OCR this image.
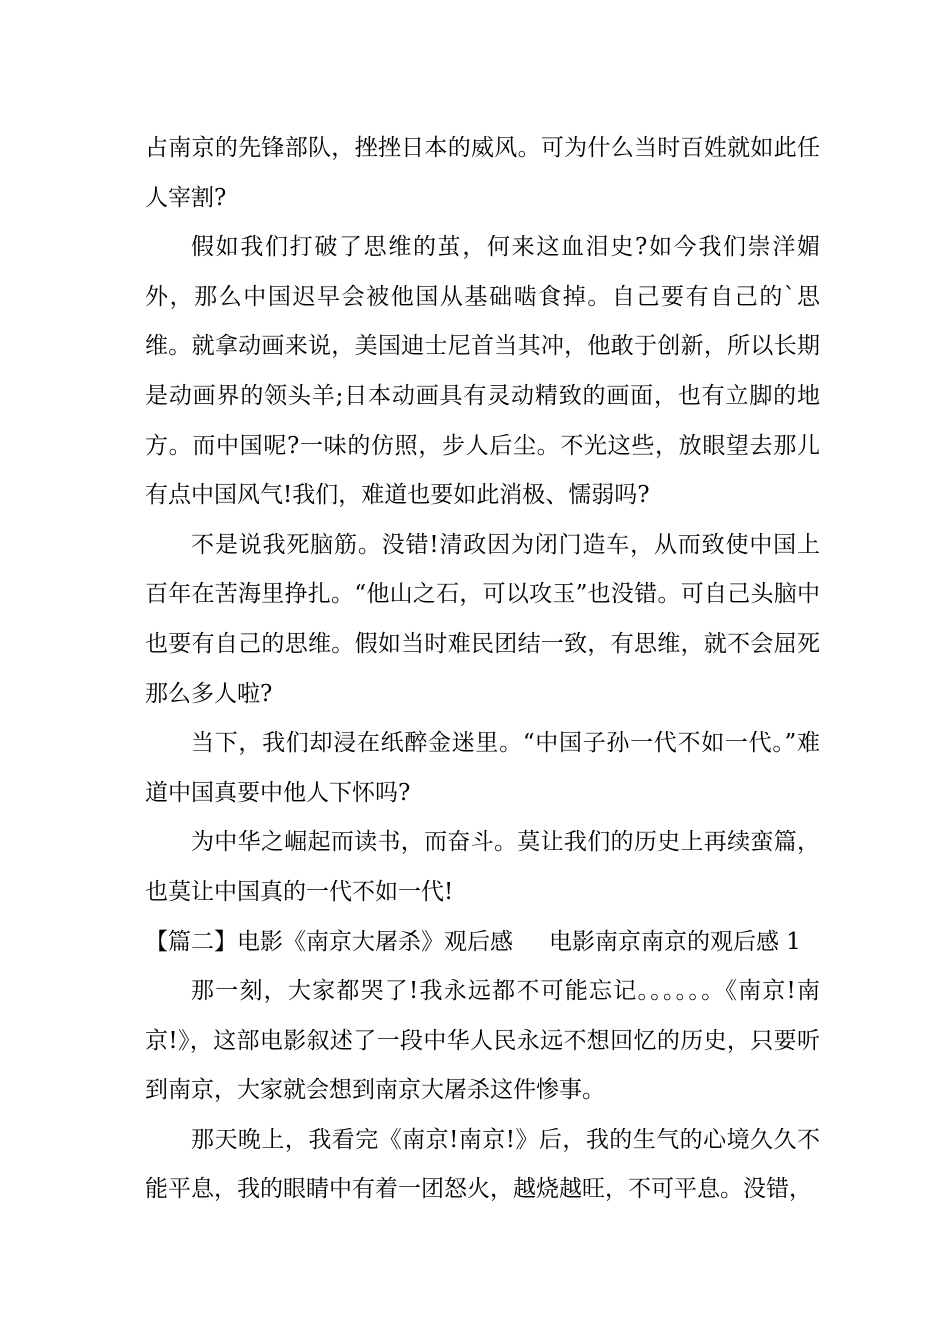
占南京的先锋部队，挫挫日本的威风。可为什么当时百姓就如此任人宰割?

假如我们打破了思维的茧，何来这血泪史?如今我们崇洋媚外，那么中国迟早会被他国从基础啮食掉。自己要有自己的`思维。就拿动画来说，美国迪士尼首当其冲，他敢于创新，所以长期是动画界的领头羊;日本动画具有灵动精致的画面，也有立脚的地方。而中国呢?一味的仿照，步人后尘。不光这些，放眼望去那儿有点中国风气!我们，难道也要如此消极、懦弱吗?

不是说我死脑筋。没错!清政因为闭门造车，从而致使中国上百年在苦海里挣扎。“他山之石，可以攻玉”也没错。可自己头脑中也要有自己的思维。假如当时难民团结一致，有思维，就不会屈死那么多人啦?

当下，我们却浸在纸醉金迷里。“中国子孙一代不如一代。”难道中国真要中他人下怀吗?

为中华之崛起而读书，而奋斗。莫让我们的历史上再续蛮篇，也莫让中国真的一代不如一代!

【篇二】电影《南京大屠杀》观后感 电影南京南京的观后感 1

那一刻，大家都哭了!我永远都不可能忘记。。。。。。《南京!南京!》，这部电影叙述了一段中华人民永远不想回忆的历史，只要听到南京，大家就会想到南京大屠杀这件惨事。

那天晚上，我看完《南京!南京!》后，我的生气的心境久久不能平息，我的眼睛中有着一团怒火，越烧越旺，不可平息。没错，
